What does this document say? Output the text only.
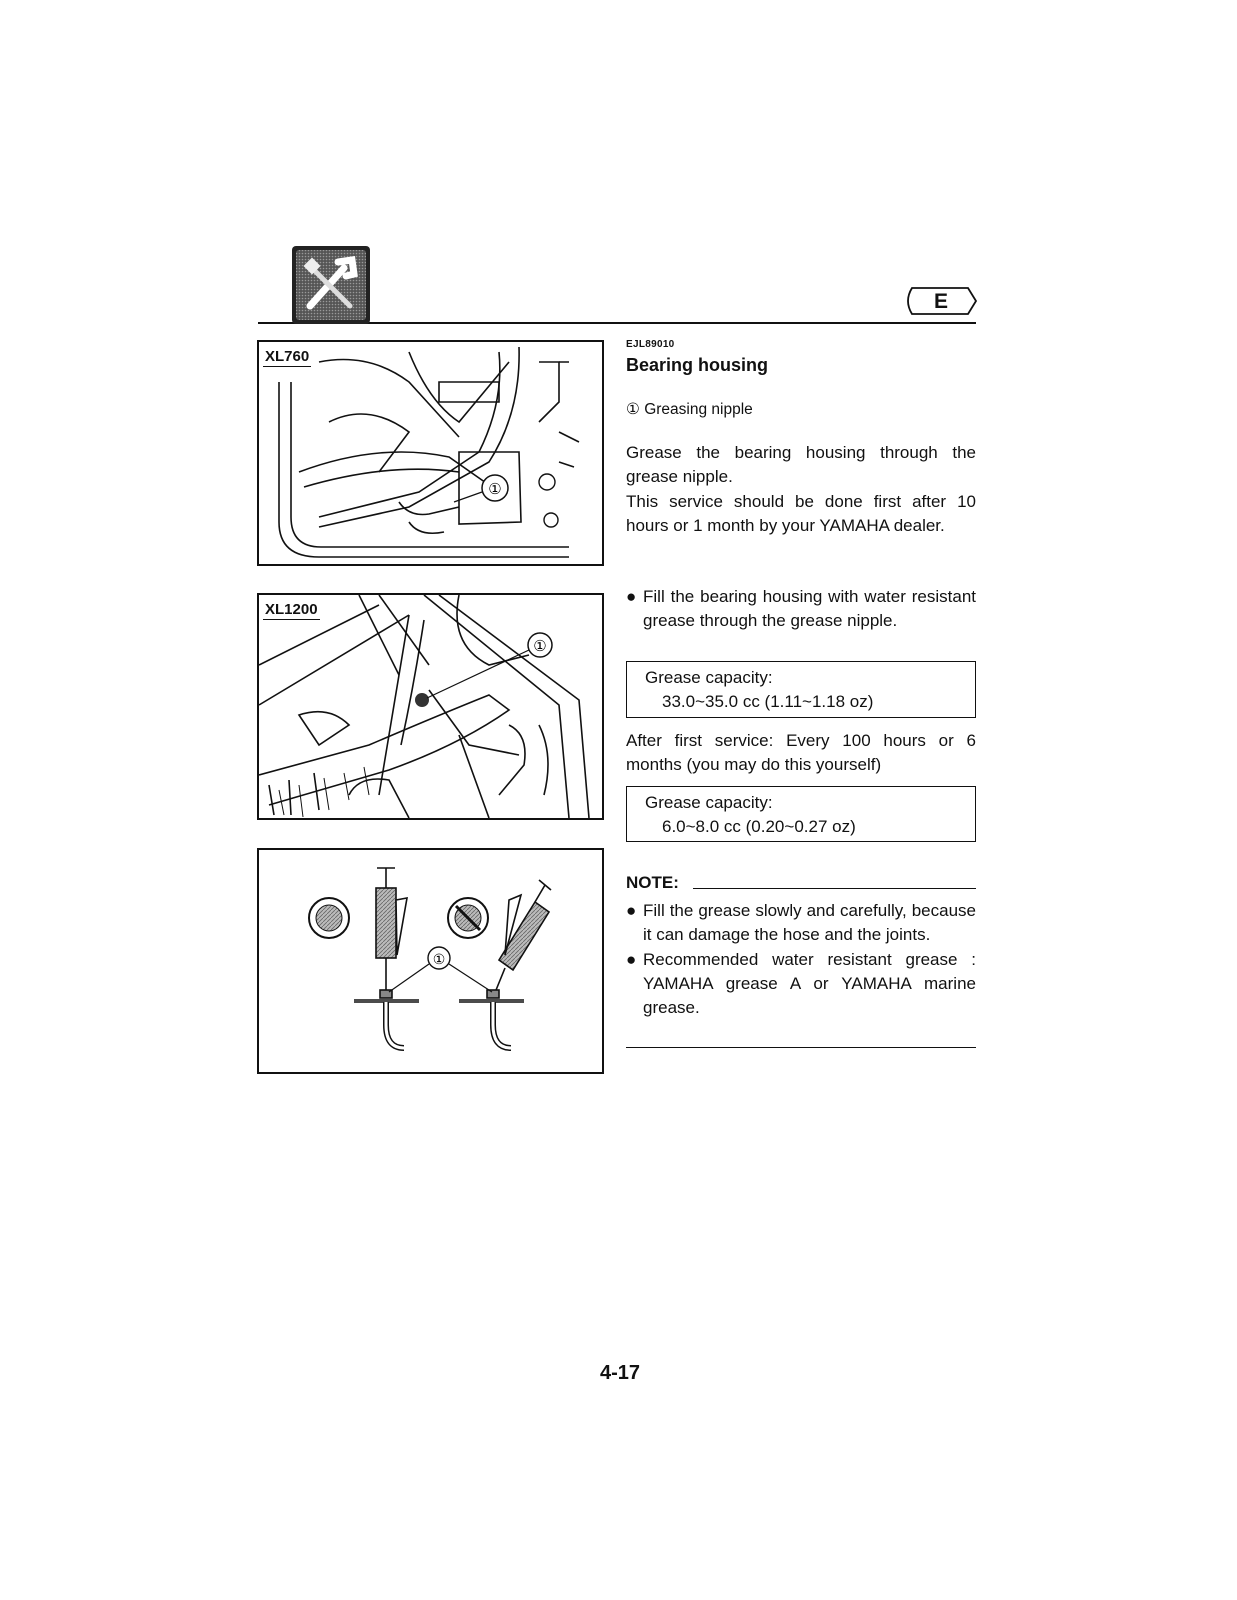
E
①
XL760
①
XL1200
①
EJL89010
Bearing housing
① Greasing nipple
Grease the bearing housing through the grease nipple.
This service should be done first after 10 hours or 1 month by your YAMAHA dealer.
● Fill the bearing housing with water resistant grease through the grease nipple.
Grease capacity:
33.0~35.0 cc (1.11~1.18 oz)
After first service: Every 100 hours or 6 months (you may do this yourself)
Grease capacity:
6.0~8.0 cc (0.20~0.27 oz)
NOTE:
● Fill the grease slowly and carefully, because it can damage the hose and the joints.
● Recommended water resistant grease : YAMAHA grease A or YAMAHA marine grease.
4-17
